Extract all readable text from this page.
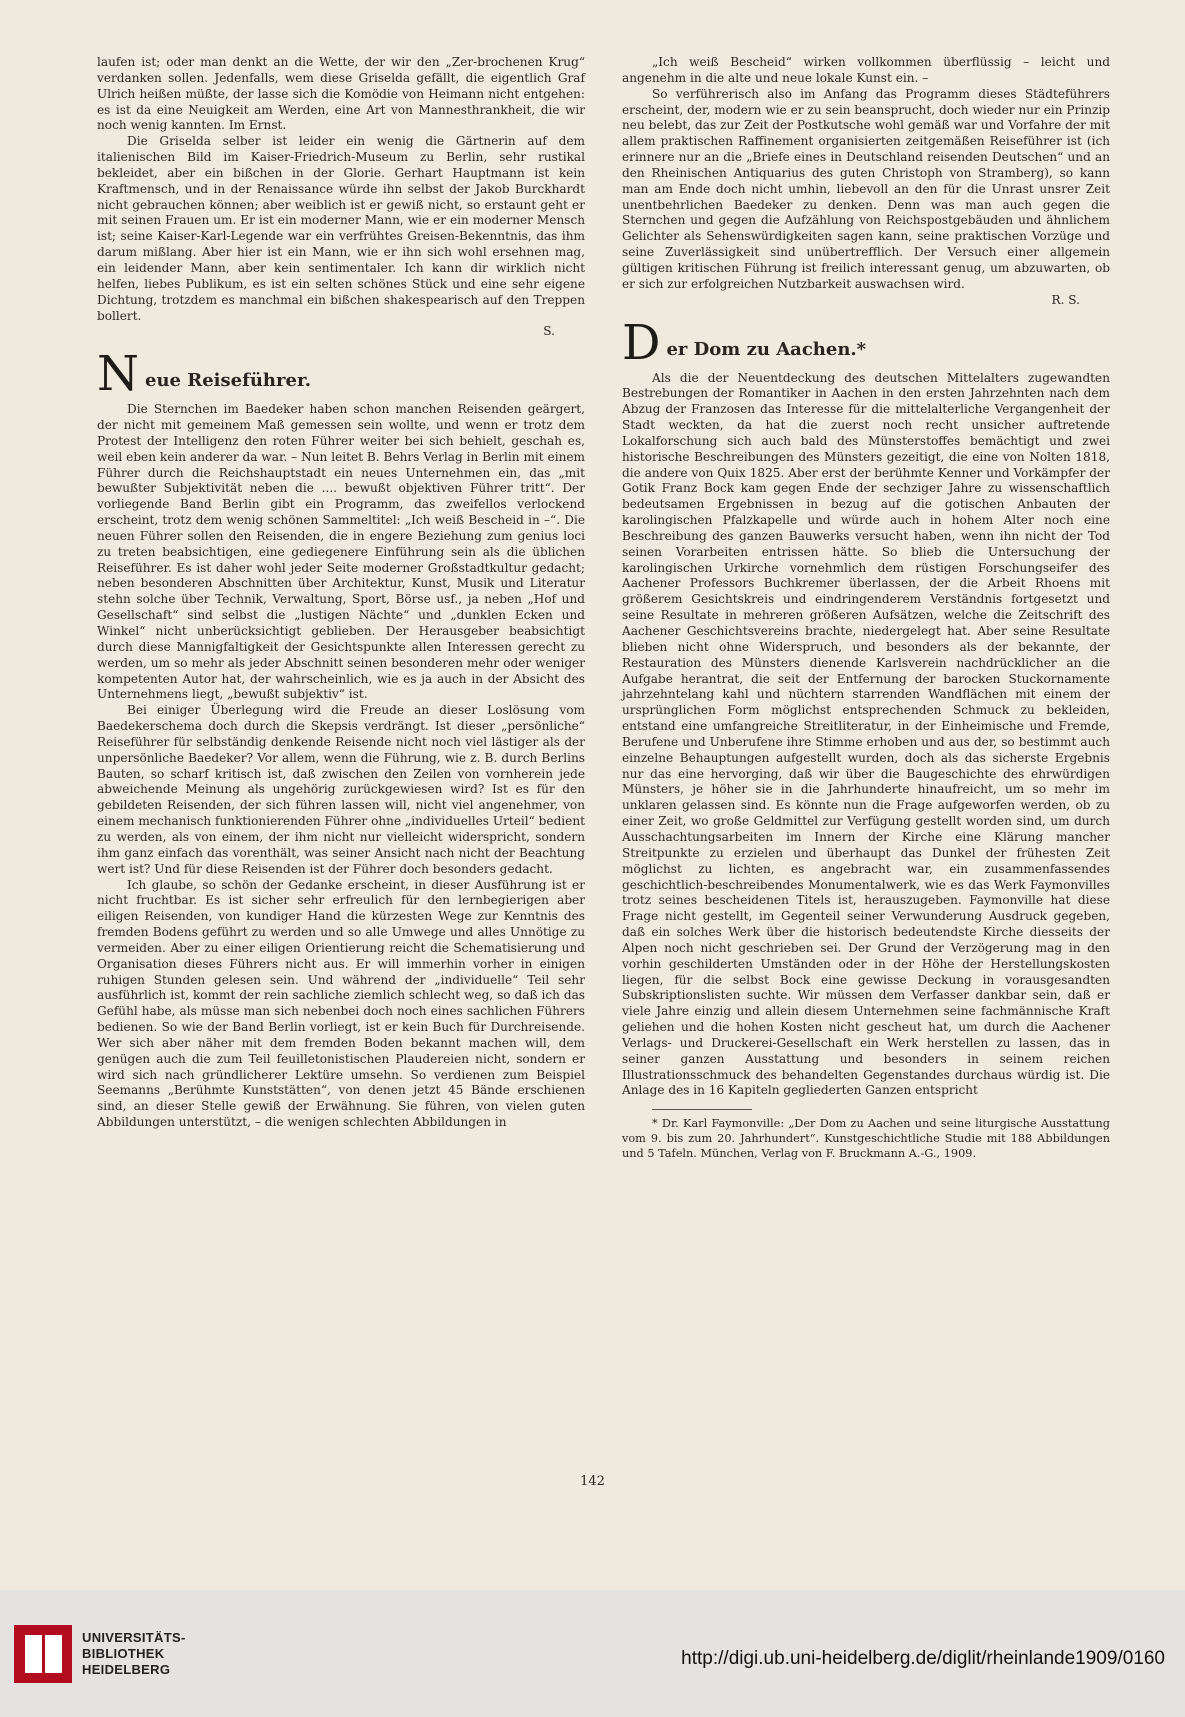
laufen ist; oder man denkt an die Wette, der wir den „Zer-brochenen Krug“ verdanken sollen. Jedenfalls, wem diese Griselda gefällt, die eigentlich Graf Ulrich heißen müßte, der lasse sich die Komödie von Heimann nicht entgehen: es ist da eine Neuigkeit am Werden, eine Art von Mannesthrankheit, die wir noch wenig kannten. Im Ernst.

Die Griselda selber ist leider ein wenig die Gärtnerin auf dem italienischen Bild im Kaiser-Friedrich-Museum zu Berlin, sehr rustikal bekleidet, aber ein bißchen in der Glorie. Gerhart Hauptmann ist kein Kraftmensch, und in der Renaissance würde ihn selbst der Jakob Burckhardt nicht gebrauchen können; aber weiblich ist er gewiß nicht, so erstaunt geht er mit seinen Frauen um. Er ist ein moderner Mann, wie er ein moderner Mensch ist; seine Kaiser-Karl-Legende war ein verfrühtes Greisen-Bekenntnis, das ihm darum mißlang. Aber hier ist ein Mann, wie er ihn sich wohl ersehnen mag, ein leidender Mann, aber kein sentimentaler. Ich kann dir wirklich nicht helfen, liebes Publikum, es ist ein selten schönes Stück und eine sehr eigene Dichtung, trotzdem es manchmal ein bißchen shakespearisch auf den Treppen bollert.

S.

N eue Reiseführer.

Die Sternchen im Baedeker haben schon manchen Reisenden geärgert, der nicht mit gemeinem Maß gemessen sein wollte, und wenn er trotz dem Protest der Intelligenz den roten Führer weiter bei sich behielt, geschah es, weil eben kein anderer da war. – Nun leitet B. Behrs Verlag in Berlin mit einem Führer durch die Reichshauptstadt ein neues Unternehmen ein, das „mit bewußter Subjektivität neben die .... bewußt objektiven Führer tritt“. Der vorliegende Band Berlin gibt ein Programm, das zweifellos verlockend erscheint, trotz dem wenig schönen Sammeltitel: „Ich weiß Bescheid in –“. Die neuen Führer sollen den Reisenden, die in engere Beziehung zum genius loci zu treten beabsichtigen, eine gediegenere Einführung sein als die üblichen Reiseführer. Es ist daher wohl jeder Seite moderner Großstadtkultur gedacht; neben besonderen Abschnitten über Architektur, Kunst, Musik und Literatur stehn solche über Technik, Verwaltung, Sport, Börse usf., ja neben „Hof und Gesellschaft“ sind selbst die „lustigen Nächte“ und „dunklen Ecken und Winkel“ nicht unberücksichtigt geblieben. Der Herausgeber beabsichtigt durch diese Mannigfaltigkeit der Gesichtspunkte allen Interessen gerecht zu werden, um so mehr als jeder Abschnitt seinen besonderen mehr oder weniger kompetenten Autor hat, der wahrscheinlich, wie es ja auch in der Absicht des Unternehmens liegt, „bewußt subjektiv“ ist.

Bei einiger Überlegung wird die Freude an dieser Loslösung vom Baedekerschema doch durch die Skepsis verdrängt. Ist dieser „persönliche“ Reiseführer für selbständig denkende Reisende nicht noch viel lästiger als der unpersönliche Baedeker? Vor allem, wenn die Führung, wie z. B. durch Berlins Bauten, so scharf kritisch ist, daß zwischen den Zeilen von vornherein jede abweichende Meinung als ungehörig zurückgewiesen wird? Ist es für den gebildeten Reisenden, der sich führen lassen will, nicht viel angenehmer, von einem mechanisch funktionierenden Führer ohne „individuelles Urteil“ bedient zu werden, als von einem, der ihm nicht nur vielleicht widerspricht, sondern ihm ganz einfach das vorenthält, was seiner Ansicht nach nicht der Beachtung wert ist? Und für diese Reisenden ist der Führer doch besonders gedacht.

Ich glaube, so schön der Gedanke erscheint, in dieser Ausführung ist er nicht fruchtbar. Es ist sicher sehr erfreulich für den lernbegierigen aber eiligen Reisenden, von kundiger Hand die kürzesten Wege zur Kenntnis des fremden Bodens geführt zu werden und so alle Umwege und alles Unnötige zu vermeiden. Aber zu einer eiligen Orientierung reicht die Schematisierung und Organisation dieses Führers nicht aus. Er will immerhin vorher in einigen ruhigen Stunden gelesen sein. Und während der „individuelle“ Teil sehr ausführlich ist, kommt der rein sachliche ziemlich schlecht weg, so daß ich das Gefühl habe, als müsse man sich nebenbei doch noch eines sachlichen Führers bedienen. So wie der Band Berlin vorliegt, ist er kein Buch für Durchreisende. Wer sich aber näher mit dem fremden Boden bekannt machen will, dem genügen auch die zum Teil feuilletonistischen Plaudereien nicht, sondern er wird sich nach gründlicherer Lektüre umsehn. So verdienen zum Beispiel Seemanns „Berühmte Kunststätten“, von denen jetzt 45 Bände erschienen sind, an dieser Stelle gewiß der Erwähnung. Sie führen, von vielen guten Abbildungen unterstützt, – die wenigen schlechten Abbildungen in

„Ich weiß Bescheid“ wirken vollkommen überflüssig – leicht und angenehm in die alte und neue lokale Kunst ein. –

So verführerisch also im Anfang das Programm dieses Städteführers erscheint, der, modern wie er zu sein beansprucht, doch wieder nur ein Prinzip neu belebt, das zur Zeit der Postkutsche wohl gemäß war und Vorfahre der mit allem praktischen Raffinement organisierten zeitgemäßen Reiseführer ist (ich erinnere nur an die „Briefe eines in Deutschland reisenden Deutschen“ und an den Rheinischen Antiquarius des guten Christoph von Stramberg), so kann man am Ende doch nicht umhin, liebevoll an den für die Unrast unsrer Zeit unentbehrlichen Baedeker zu denken. Denn was man auch gegen die Sternchen und gegen die Aufzählung von Reichspostgebäuden und ähnlichem Gelichter als Sehenswürdigkeiten sagen kann, seine praktischen Vorzüge und seine Zuverlässigkeit sind unübertrefflich. Der Versuch einer allgemein gültigen kritischen Führung ist freilich interessant genug, um abzuwarten, ob er sich zur erfolgreichen Nutzbarkeit auswachsen wird.

R. S.

D er Dom zu Aachen.*

Als die der Neuentdeckung des deutschen Mittelalters zugewandten Bestrebungen der Romantiker in Aachen in den ersten Jahrzehnten nach dem Abzug der Franzosen das Interesse für die mittelalterliche Vergangenheit der Stadt weckten, da hat die zuerst noch recht unsicher auftretende Lokalforschung sich auch bald des Münsterstoffes bemächtigt und zwei historische Beschreibungen des Münsters gezeitigt, die eine von Nolten 1818, die andere von Quix 1825. Aber erst der berühmte Kenner und Vorkämpfer der Gotik Franz Bock kam gegen Ende der sechziger Jahre zu wissenschaftlich bedeutsamen Ergebnissen in bezug auf die gotischen Anbauten der karolingischen Pfalzkapelle und würde auch in hohem Alter noch eine Beschreibung des ganzen Bauwerks versucht haben, wenn ihn nicht der Tod seinen Vorarbeiten entrissen hätte. So blieb die Untersuchung der karolingischen Urkirche vornehmlich dem rüstigen Forschungseifer des Aachener Professors Buchkremer überlassen, der die Arbeit Rhoens mit größerem Gesichtskreis und eindringenderem Verständnis fortgesetzt und seine Resultate in mehreren größeren Aufsätzen, welche die Zeitschrift des Aachener Geschichtsvereins brachte, niedergelegt hat. Aber seine Resultate blieben nicht ohne Widerspruch, und besonders als der bekannte, der Restauration des Münsters dienende Karlsverein nachdrücklicher an die Aufgabe herantrat, die seit der Entfernung der barocken Stuckornamente jahrzehntelang kahl und nüchtern starrenden Wandflächen mit einem der ursprünglichen Form möglichst entsprechenden Schmuck zu bekleiden, entstand eine umfangreiche Streitliteratur, in der Einheimische und Fremde, Berufene und Unberufene ihre Stimme erhoben und aus der, so bestimmt auch einzelne Behauptungen aufgestellt wurden, doch als das sicherste Ergebnis nur das eine hervorging, daß wir über die Baugeschichte des ehrwürdigen Münsters, je höher sie in die Jahrhunderte hinaufreicht, um so mehr im unklaren gelassen sind. Es könnte nun die Frage aufgeworfen werden, ob zu einer Zeit, wo große Geldmittel zur Verfügung gestellt worden sind, um durch Ausschachtungsarbeiten im Innern der Kirche eine Klärung mancher Streitpunkte zu erzielen und überhaupt das Dunkel der frühesten Zeit möglichst zu lichten, es angebracht war, ein zusammenfassendes geschichtlich-beschreibendes Monumentalwerk, wie es das Werk Faymonvilles trotz seines bescheidenen Titels ist, herauszugeben. Faymonville hat diese Frage nicht gestellt, im Gegenteil seiner Verwunderung Ausdruck gegeben, daß ein solches Werk über die historisch bedeutendste Kirche diesseits der Alpen noch nicht geschrieben sei. Der Grund der Verzögerung mag in den vorhin geschilderten Umständen oder in der Höhe der Herstellungskosten liegen, für die selbst Bock eine gewisse Deckung in vorausgesandten Subskriptionslisten suchte. Wir müssen dem Verfasser dankbar sein, daß er viele Jahre einzig und allein diesem Unternehmen seine fachmännische Kraft geliehen und die hohen Kosten nicht gescheut hat, um durch die Aachener Verlags- und Druckerei-Gesellschaft ein Werk herstellen zu lassen, das in seiner ganzen Ausstattung und besonders in seinem reichen Illustrationsschmuck des behandelten Gegenstandes durchaus würdig ist. Die Anlage des in 16 Kapiteln gegliederten Ganzen entspricht

* Dr. Karl Faymonville: „Der Dom zu Aachen und seine liturgische Ausstattung vom 9. bis zum 20. Jahrhundert“. Kunstgeschichtliche Studie mit 188 Abbildungen und 5 Tafeln. München, Verlag von F. Bruckmann A.-G., 1909.

142
UNIVERSITÄTS-
BIBLIOTHEK
HEIDELBERG	http://digi.ub.uni-heidelberg.de/diglit/rheinlande1909/0160
